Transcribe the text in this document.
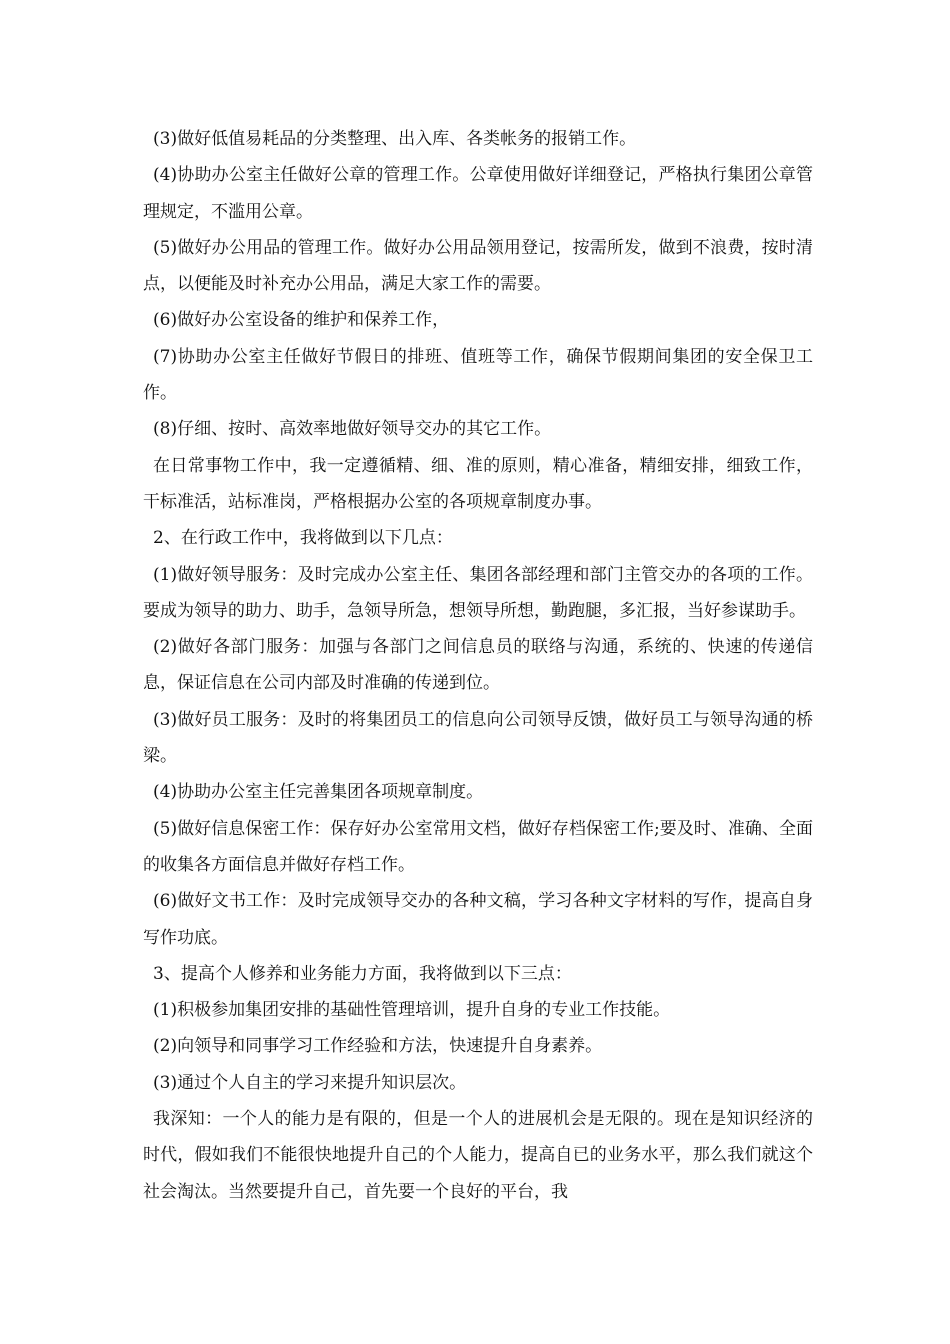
(3)做好低值易耗品的分类整理、出入库、各类帐务的报销工作。

(4)协助办公室主任做好公章的管理工作。公章使用做好详细登记，严格执行集团公章管理规定，不滥用公章。

(5)做好办公用品的管理工作。做好办公用品领用登记，按需所发，做到不浪费，按时清点，以便能及时补充办公用品，满足大家工作的需要。

(6)做好办公室设备的维护和保养工作，

(7)协助办公室主任做好节假日的排班、值班等工作，确保节假期间集团的安全保卫工作。

(8)仔细、按时、高效率地做好领导交办的其它工作。

在日常事物工作中，我一定遵循精、细、准的原则，精心准备，精细安排，细致工作，干标准活，站标准岗，严格根据办公室的各项规章制度办事。

2、在行政工作中，我将做到以下几点：

(1)做好领导服务：及时完成办公室主任、集团各部经理和部门主管交办的各项的工作。要成为领导的助力、助手，急领导所急，想领导所想，勤跑腿，多汇报，当好参谋助手。

(2)做好各部门服务：加强与各部门之间信息员的联络与沟通，系统的、快速的传递信息，保证信息在公司内部及时准确的传递到位。

(3)做好员工服务：及时的将集团员工的信息向公司领导反馈，做好员工与领导沟通的桥梁。

(4)协助办公室主任完善集团各项规章制度。

(5)做好信息保密工作：保存好办公室常用文档，做好存档保密工作;要及时、准确、全面的收集各方面信息并做好存档工作。

(6)做好文书工作：及时完成领导交办的各种文稿，学习各种文字材料的写作，提高自身写作功底。

3、提高个人修养和业务能力方面，我将做到以下三点：

(1)积极参加集团安排的基础性管理培训，提升自身的专业工作技能。

(2)向领导和同事学习工作经验和方法，快速提升自身素养。

(3)通过个人自主的学习来提升知识层次。

我深知：一个人的能力是有限的，但是一个人的进展机会是无限的。现在是知识经济的时代，假如我们不能很快地提升自己的个人能力，提高自已的业务水平，那么我们就这个社会淘汰。当然要提升自己，首先要一个良好的平台，我
